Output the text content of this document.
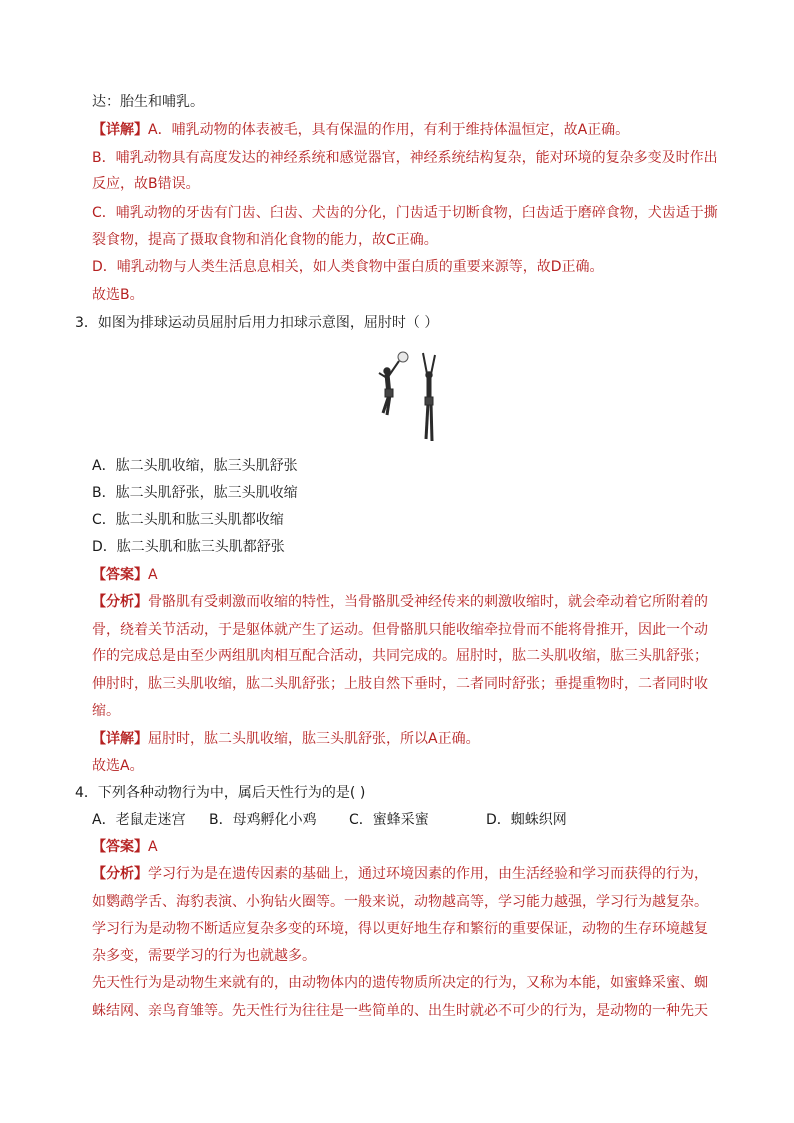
达：胎生和哺乳。
【详解】A．哺乳动物的体表被毛，具有保温的作用，有利于维持体温恒定，故A正确。
B．哺乳动物具有高度发达的神经系统和感觉器官，神经系统结构复杂，能对环境的复杂多变及时作出
反应，故B错误。
C．哺乳动物的牙齿有门齿、臼齿、犬齿的分化，门齿适于切断食物，臼齿适于磨碎食物，犬齿适于撕
裂食物，提高了摄取食物和消化食物的能力，故C正确。
D．哺乳动物与人类生活息息相关，如人类食物中蛋白质的重要来源等，故D正确。
故选B。
3．如图为排球运动员屈肘后用力扣球示意图，屈肘时（ ）
A．肱二头肌收缩，肱三头肌舒张
B．肱二头肌舒张，肱三头肌收缩
C．肱二头肌和肱三头肌都收缩
D．肱二头肌和肱三头肌都舒张
【答案】A
【分析】骨骼肌有受刺激而收缩的特性，当骨骼肌受神经传来的刺激收缩时，就会牵动着它所附着的
骨，绕着关节活动，于是躯体就产生了运动。但骨骼肌只能收缩牵拉骨而不能将骨推开，因此一个动
作的完成总是由至少两组肌肉相互配合活动，共同完成的。屈肘时，肱二头肌收缩，肱三头肌舒张；
伸肘时，肱三头肌收缩，肱二头肌舒张；上肢自然下垂时，二者同时舒张；垂提重物时，二者同时收
缩。
【详解】屈肘时，肱二头肌收缩，肱三头肌舒张，所以A正确。
故选A。
4．下列各种动物行为中，属后天性行为的是( )
A．老鼠走迷宫 B．母鸡孵化小鸡 C．蜜蜂采蜜	D．蜘蛛织网
【答案】A
【分析】学习行为是在遗传因素的基础上，通过环境因素的作用，由生活经验和学习而获得的行为，
如鹦鹉学舌、海豹表演、小狗钻火圈等。一般来说，动物越高等，学习能力越强，学习行为越复杂。
学习行为是动物不断适应复杂多变的环境，得以更好地生存和繁衍的重要保证，动物的生存环境越复
杂多变，需要学习的行为也就越多。
先天性行为是动物生来就有的，由动物体内的遗传物质所决定的行为，又称为本能，如蜜蜂采蜜、蜘
蛛结网、亲鸟育雏等。先天性行为往往是一些简单的、出生时就必不可少的行为，是动物的一种先天
